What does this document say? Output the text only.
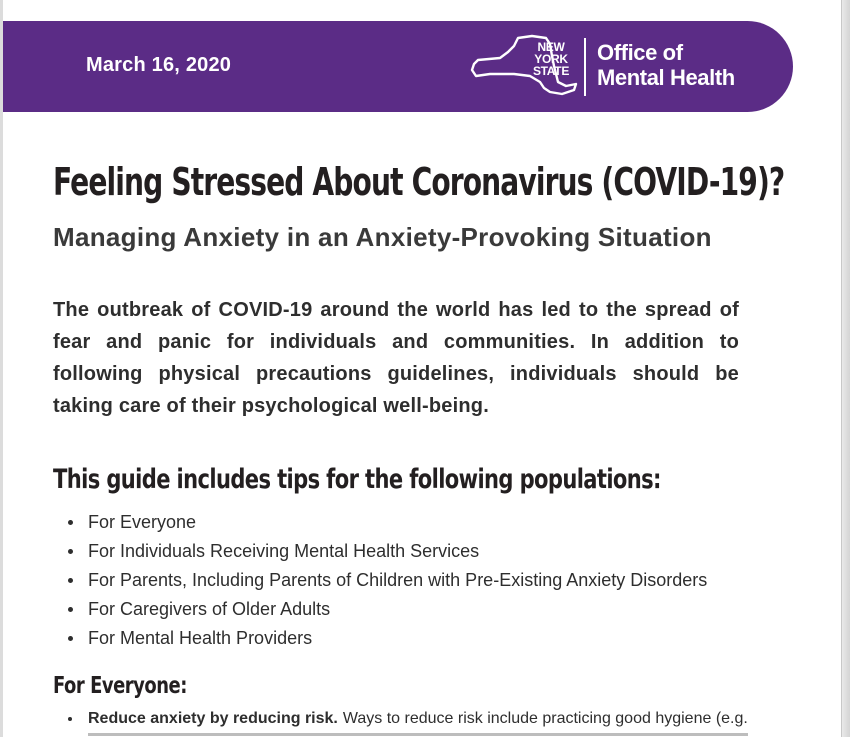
March 16, 2020
NEW
YORK
STATE
Office of
Mental Health
Feeling Stressed About Coronavirus (COVID-19)?
Managing Anxiety in an Anxiety-Provoking Situation
The outbreak of COVID-19 around the world has led to the spread of fear and panic for individuals and communities. In addition to following physical precautions guidelines, individuals should be taking care of their psychological well-being.
This guide includes tips for the following populations:
For Everyone
For Individuals Receiving Mental Health Services
For Parents, Including Parents of Children with Pre-Existing Anxiety Disorders
For Caregivers of Older Adults
For Mental Health Providers
For Everyone:
Reduce anxiety by reducing risk. Ways to reduce risk include practicing good hygiene (e.g.
